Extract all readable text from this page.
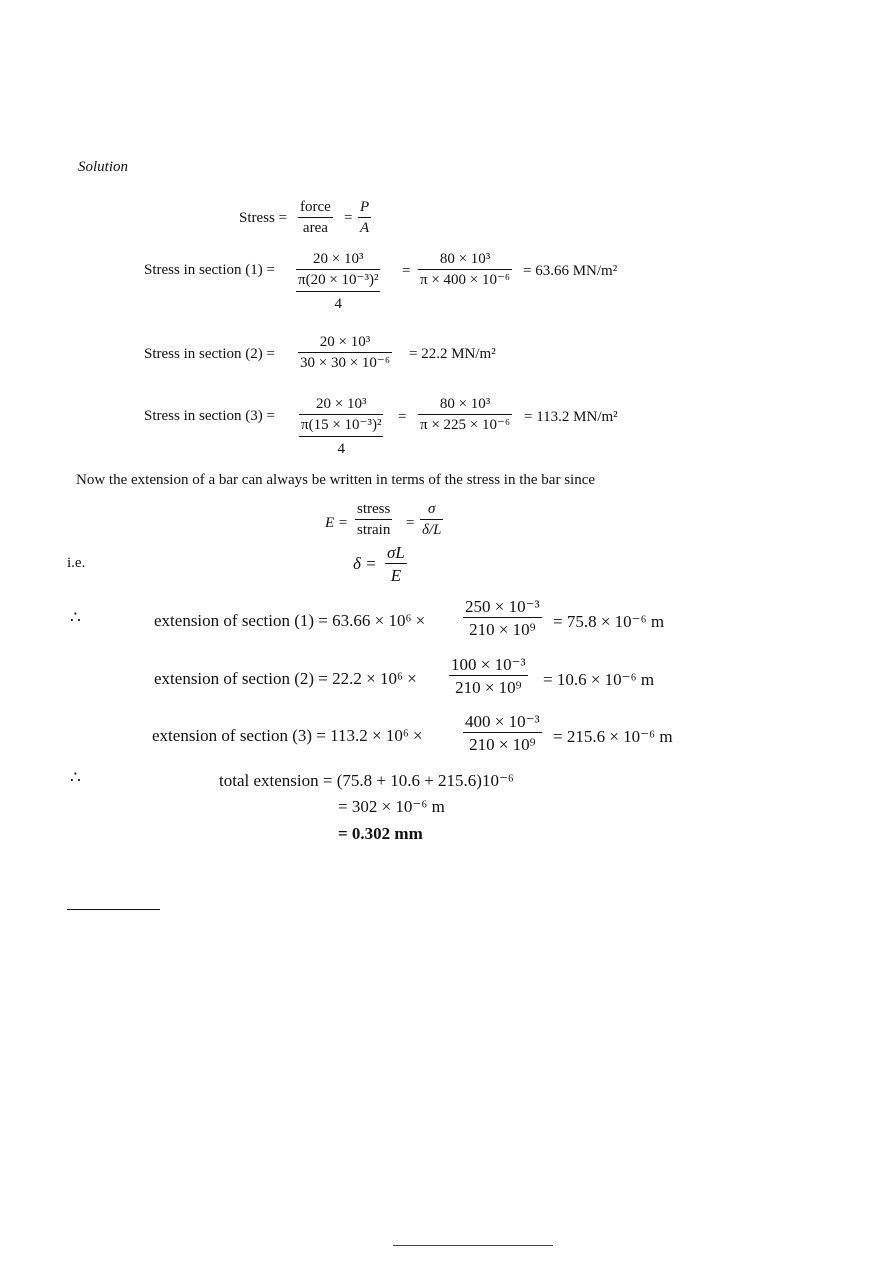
Solution
Stress =
force
area
=
P
A
Stress in section (1) =
20 × 10³
π(20 × 10⁻³)²
4
=
80 × 10³
π × 400 × 10⁻⁶
= 63.66 MN/m²
Stress in section (2) =
20 × 10³
30 × 30 × 10⁻⁶
= 22.2 MN/m²
Stress in section (3) =
20 × 10³
π(15 × 10⁻³)²
4
=
80 × 10³
π × 225 × 10⁻⁶ = 113.2 MN/m²
Now the extension of a bar can always be written in terms of the stress in the bar since
E =
stress
strain =
σ
δ/L
i.e.	δ =
σL
E
∴	extension of section (1) = 63.66 × 10⁶ ×
250 × 10⁻³
210 × 10⁹ = 75.8 × 10⁻⁶ m
extension of section (2) = 22.2 × 10⁶ ×
100 × 10⁻³
210 × 10⁹ = 10.6 × 10⁻⁶ m
extension of section (3) = 113.2 × 10⁶ ×
400 × 10⁻³
210 × 10⁹ = 215.6 × 10⁻⁶ m
∴	total extension = (75.8 + 10.6 + 215.6)10⁻⁶
= 302 × 10⁻⁶ m
= 0.302 mm
